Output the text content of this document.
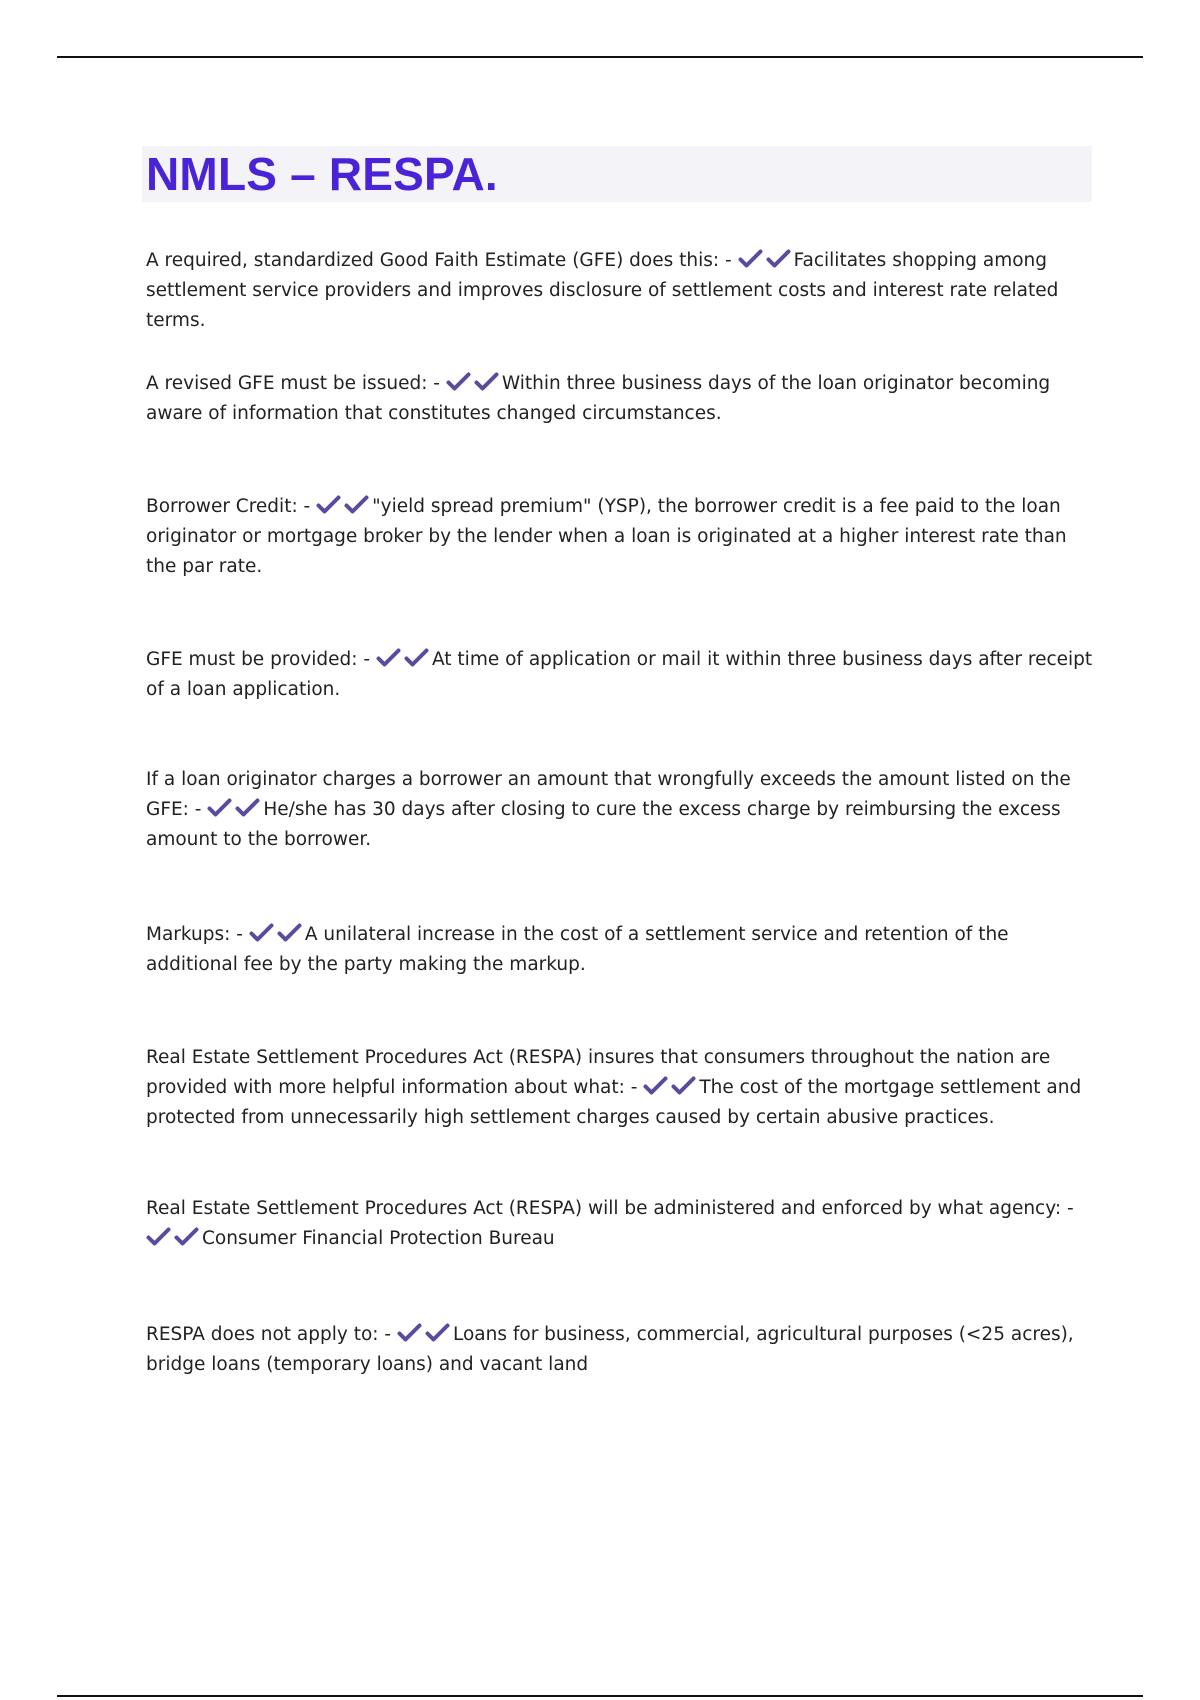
NMLS – RESPA.

A required, standardized Good Faith Estimate (GFE) does this: -	Facilitates shopping among settlement service providers and improves disclosure of settlement costs and interest rate related terms.

A revised GFE must be issued: -	Within three business days of the loan originator becoming aware of information that constitutes changed circumstances.

Borrower Credit: -	"yield spread premium" (YSP), the borrower credit is a fee paid to the loan originator or mortgage broker by the lender when a loan is originated at a higher interest rate than the par rate.

GFE must be provided: -	At time of application or mail it within three business days after receipt of a loan application.

If a loan originator charges a borrower an amount that wrongfully exceeds the amount listed on the GFE: -	He/she has 30 days after closing to cure the excess charge by reimbursing the excess amount to the borrower.

Markups: -	A unilateral increase in the cost of a settlement service and retention of the additional fee by the party making the markup.

Real Estate Settlement Procedures Act (RESPA) insures that consumers throughout the nation are provided with more helpful information about what: -	The cost of the mortgage settlement and protected from unnecessarily high settlement charges caused by certain abusive practices.

Real Estate Settlement Procedures Act (RESPA) will be administered and enforced by what agency: -
Consumer Financial Protection Bureau

RESPA does not apply to: -	Loans for business, commercial, agricultural purposes (<25 acres), bridge loans (temporary loans) and vacant land
